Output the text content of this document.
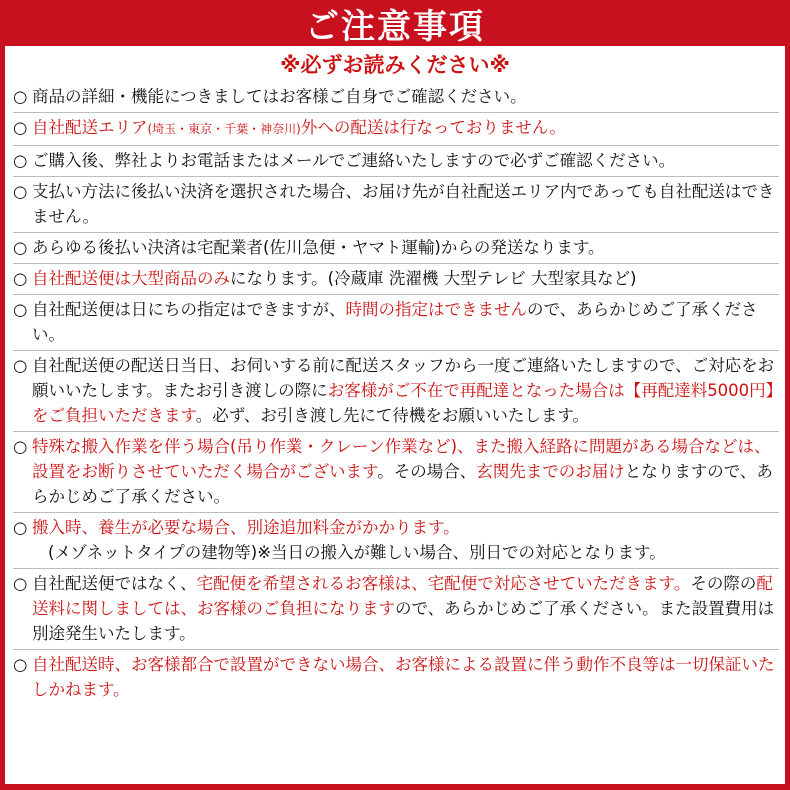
ご注意事項
※必ずお読みください※
○ 商品の詳細・機能につきましてはお客様ご自身でご確認ください。
○ 自社配送エリア(埼玉・東京・千葉・神奈川)外への配送は行なっておりません。
○ ご購入後、弊社よりお電話またはメールでご連絡いたしますので必ずご確認ください。
○ 支払い方法に後払い決済を選択された場合、お届け先が自社配送エリア内であっても自社配送はできません。
○ あらゆる後払い決済は宅配業者(佐川急便・ヤマト運輸)からの発送なります。
○ 自社配送便は大型商品のみになります。(冷蔵庫 洗濯機 大型テレビ 大型家具など)
○ 自社配送便は日にちの指定はできますが、時間の指定はできませんので、あらかじめご了承ください。
○ 自社配送便の配送日当日、お伺いする前に配送スタッフから一度ご連絡いたしますので、ご対応をお願いいたします。またお引き渡しの際にお客様がご不在で再配達となった場合は【再配達料5000円】をご負担いただきます。必ず、お引き渡し先にて待機をお願いいたします。
○ 特殊な搬入作業を伴う場合(吊り作業・クレーン作業など)、また搬入経路に問題がある場合などは、設置をお断りさせていただく場合がございます。その場合、玄関先までのお届けとなりますので、あらかじめご了承ください。
○ 搬入時、養生が必要な場合、別途追加料金がかかります。
(メゾネットタイプの建物等)※当日の搬入が難しい場合、別日での対応となります。
○ 自社配送便ではなく、宅配便を希望されるお客様は、宅配便で対応させていただきます。その際の配送料に関しましては、お客様のご負担になりますので、あらかじめご了承ください。また設置費用は別途発生いたします。
○ 自社配送時、お客様都合で設置ができない場合、お客様による設置に伴う動作不良等は一切保証いたしかねます。
